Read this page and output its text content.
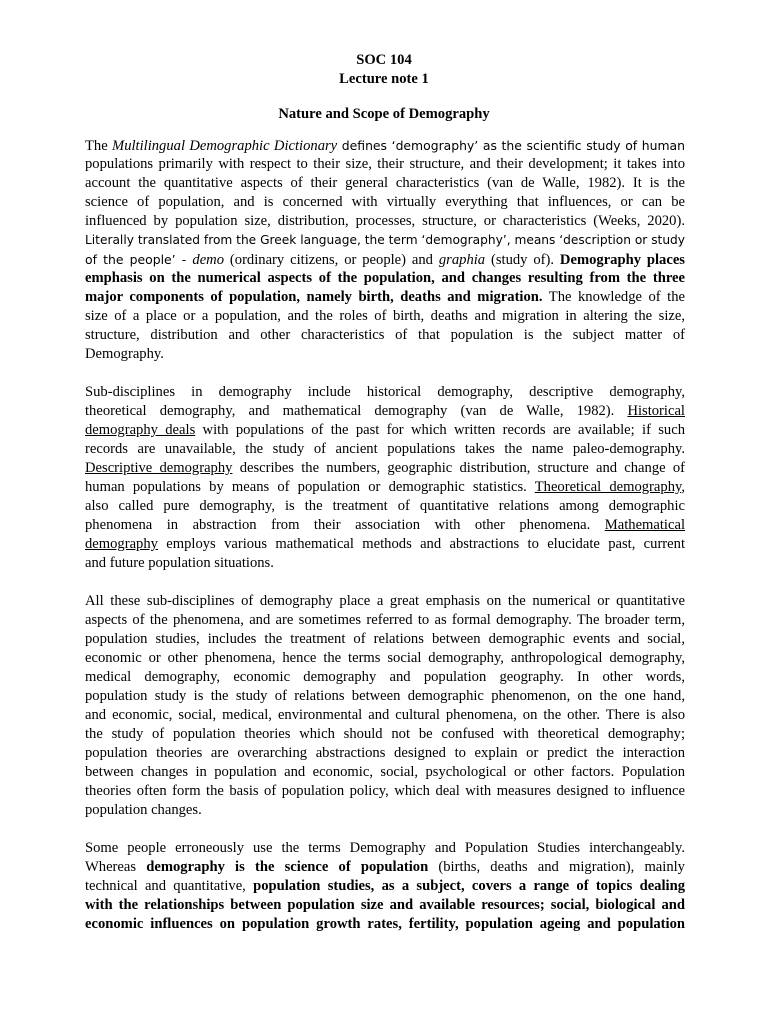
SOC 104
Lecture note 1
Nature and Scope of Demography
The Multilingual Demographic Dictionary defines ‘demography’ as the scientific study of human
populations primarily with respect to their size, their structure, and their development; it takes into
account the quantitative aspects of their general characteristics (van de Walle, 1982). It is the
science of population, and is concerned with virtually everything that influences, or can be
influenced by population size, distribution, processes, structure, or characteristics (Weeks, 2020).
Literally translated from the Greek language, the term ‘demography’, means ‘description or study
of the people’ - demo (ordinary citizens, or people) and graphia (study of). Demography places
emphasis on the numerical aspects of the population, and changes resulting from the three
major components of population, namely birth, deaths and migration. The knowledge of the
size of a place or a population, and the roles of birth, deaths and migration in altering the size,
structure, distribution and other characteristics of that population is the subject matter of
Demography.
Sub-disciplines in demography include historical demography, descriptive demography,
theoretical demography, and mathematical demography (van de Walle, 1982). Historical
demography deals with populations of the past for which written records are available; if such
records are unavailable, the study of ancient populations takes the name paleo-demography.
Descriptive demography describes the numbers, geographic distribution, structure and change of
human populations by means of population or demographic statistics. Theoretical demography,
also called pure demography, is the treatment of quantitative relations among demographic
phenomena in abstraction from their association with other phenomena. Mathematical
demography employs various mathematical methods and abstractions to elucidate past, current
and future population situations.
All these sub-disciplines of demography place a great emphasis on the numerical or quantitative
aspects of the phenomena, and are sometimes referred to as formal demography. The broader term,
population studies, includes the treatment of relations between demographic events and social,
economic or other phenomena, hence the terms social demography, anthropological demography,
medical demography, economic demography and population geography. In other words,
population study is the study of relations between demographic phenomenon, on the one hand,
and economic, social, medical, environmental and cultural phenomena, on the other. There is also
the study of population theories which should not be confused with theoretical demography;
population theories are overarching abstractions designed to explain or predict the interaction
between changes in population and economic, social, psychological or other factors. Population
theories often form the basis of population policy, which deal with measures designed to influence
population changes.
Some people erroneously use the terms Demography and Population Studies interchangeably.
Whereas demography is the science of population (births, deaths and migration), mainly
technical and quantitative, population studies, as a subject, covers a range of topics dealing
with the relationships between population size and available resources; social, biological and
economic influences on population growth rates, fertility, population ageing and population
